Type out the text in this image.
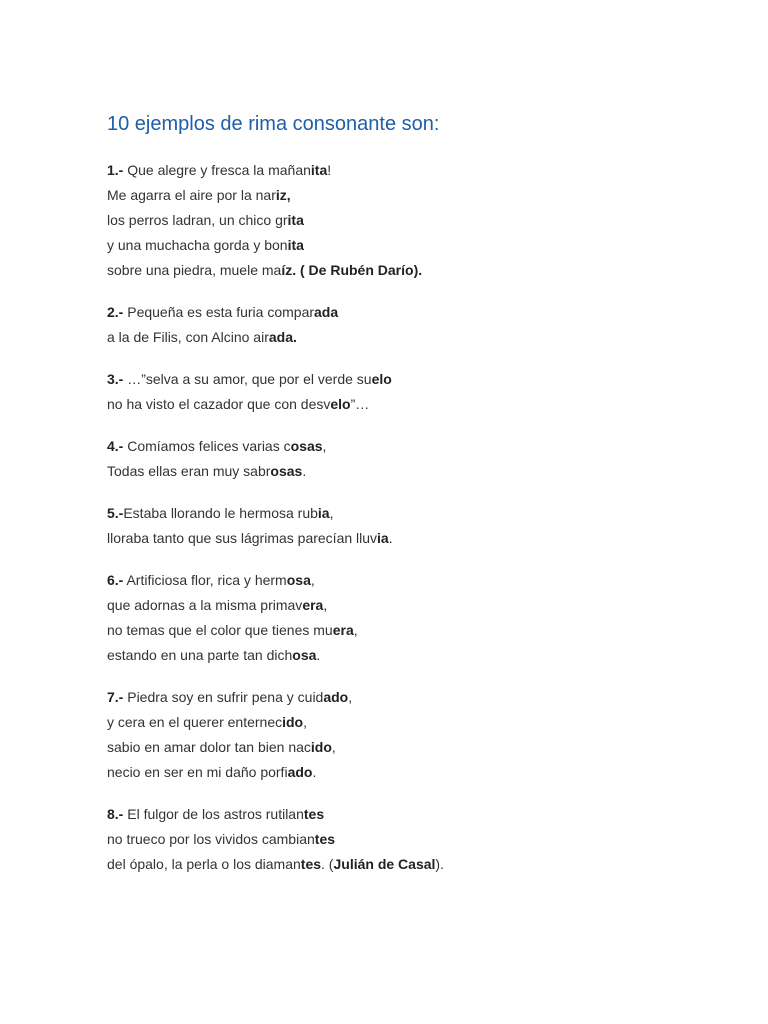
10 ejemplos de rima consonante son:
1.- Que alegre y fresca la mañanita!
Me agarra el aire por la nariz,
los perros ladran, un chico grita
y una muchacha gorda y bonita
sobre una piedra, muele maíz. ( De Rubén Darío).
2.- Pequeña es esta furia comparada
a la de Filis, con Alcino airada.
3.- …”selva a su amor, que por el verde suelo
no ha visto el cazador que con desvelo”…
4.- Comíamos felices varias cosas,
Todas ellas eran muy sabrosas.
5.-Estaba llorando le hermosa rubia,
lloraba tanto que sus lágrimas parecían lluvia.
6.- Artificiosa flor, rica y hermosa,
que adornas a la misma primavera,
no temas que el color que tienes muera,
estando en una parte tan dichosa.
7.- Piedra soy en sufrir pena y cuidado,
y cera en el querer enternecido,
sabio en amar dolor tan bien nacido,
necio en ser en mi daño porfiado.
8.- El fulgor de los astros rutilantes
no trueco por los vividos cambiantes
del ópalo, la perla o los diamantes. (Julián de Casal).
